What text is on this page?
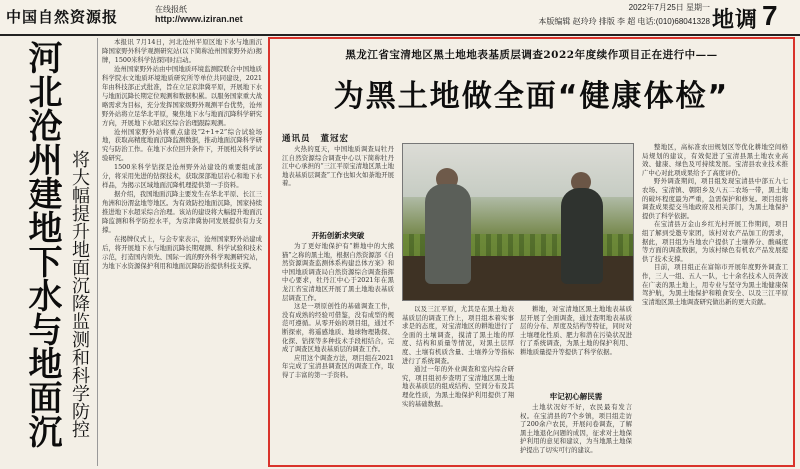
中国自然资源报	在线报纸
http://www.iziran.net
2022年7月25日 星期一
本版编辑 赵玲玲 排版 李 超 电话:(010)68041328 地调 7
河北沧州建地下水与地面沉
将大幅提升地面沉降监测和科学防控

本报讯 7月14日，河北沧州平原区地下水与地面沉降国家野外科学观测研究站(以下简称沧州国家野外站)揭牌，1500米科学钻探同时启动。

沧州国家野外站由中国地质环境监测院联合中国地质科学院水文地质环境地质研究所等单位共同建设，2021年由科技部正式批准，旨在立足京津冀平原，开展地下水与地面沉降长期定位观测和数据积累。以服务国家重大战略需求为目标，充分发挥国家级野外观测平台优势，沧州野外站将立足华北平原，聚焦地下水与地面沉降科学研究方向，开展地下水超采区综合治理跟踪观测。

沧州国家野外站将重点建设“2+1+2”综合试验场地，获取高精度地面沉降监测数据，推动地面沉降科学研究与防治工作。在地下水位回升条件下，开展相关科学试验研究。

1500米科学钻探是沧州野外站建设的重要组成部分，将采用先进的钻探技术，获取深部地层岩心和地下水样品，为揭示区域地面沉降机理提供第一手资料。

据介绍，我国地面沉降主要发生在华北平原、长江三角洲和汾渭盆地等地区。为有效防控地面沉降，国家持续推进地下水超采综合治理。该站的建设将大幅提升地面沉降监测和科学防控水平，为京津冀协同发展提供有力支撑。

在揭牌仪式上，与会专家表示，沧州国家野外站建成后，将开展地下水与地面沉降长期观测、科学试验和技术示范，打造国内领先、国际一流的野外科学观测研究站，为地下水资源保护利用和地面沉降防治提供科技支撑。

黑龙江省宝清地区黑土地地表基质层调查2022年度续作项目正在进行中——
为黑土地做全面“健康体检”
通讯员 董冠宏

火热的夏天，中国地质调查局牡丹江自然资源综合调查中心以下简称牡丹江中心承担的“三江平原宝清地区黑土地地表基质层调查”工作也如火如荼地开展着。

开拓创新求突破

为了更好地保护有“耕地中的大熊猫”之称的黑土地，根据自然资源部《自然资源调查监测体系构建总体方案》和中国地质调查局自然资源综合调查指挥中心要求，牡丹江中心于2021年在黑龙江省宝清地区开展了黑土地地表基质层调查工作。

这是一项原创性的基础调查工作，没有成熟的经验可借鉴，没有成型的规范可遵循。从零开始的项目组，通过不断探索，将遥感地质、地球物理勘探、化探、钻探等多种技术手段相结合，完成了调查区地表基质层的调查工作。

应用这个调查方法，项目组在2021年完成了宝清县调查区的调查工作，取得了丰富的第一手资料。

整地区，高标准农田规划区等优化耕地空间格局规划的建议，有效促进了宝清县黑土地农业高效、健康、绿色及可持续发展。宝清县农业技术推广中心对此项成果给予了高度评价。

野外调查期间，项目组发现宝清县中部五九七农场、宝清镇、朝阳乡及八五二农场一带，黑土地的破坏程度最为严重，急需保护和修复。项目组将调查成果提交当地政府及相关部门，为黑土地保护提供了科学依据。

在宝清县万金山乡红光村开展工作期间，项目组了解到受邀专家团，该村对农产品加工的需求，据此，项目组为当地农户提供了土壤养分、酸碱度等方面的调查数据，为该村绿色有机农产品发展提供了技术支撑。

目前，项目组正在富锦市开展年度野外调查工作，三人一组、五人一队，七十余名技术人员奔波在广袤的黑土地上，用专业与坚守为黑土地健康保驾护航，为黑土地保护和粮食安全、以及三江平原宝清地区黑土地调查研究做出新的更大贡献。

以及三江平原，尤其是在黑土地表基质层的调查工作上，项目组本着实事求是的态度，对宝清地区的耕地进行了全面的土壤调查，摸清了黑土地的厚度、结构和质量等情况，对黑土层厚度、土壤有机质含量、土壤养分等指标进行了系统调查。

通过一年的外业调查和室内综合研究，项目组初步查明了宝清地区黑土地地表基质层的组成结构、空间分布及其理化性质，为黑土地保护利用提供了翔实的基础数据。

耕地，对宝清地区黑土地地表基质层开展了全面调查，通过查明地表基质层的分布、厚度及结构等特征，同时对土壤理化性质、肥力和潜在污染状况进行了系统调查，为黑土地的保护利用、耕地质量提升等提供了科学依据。

牢记初心解民需

土地状况好不好，农民最有发言权。在宝清县的7个乡镇，项目组走访了200余户农民，开展问卷调查，了解黑土地退化问题的成因，征求对土地保护利用的意见和建议，为当地黑土地保护提出了切实可行的建议。
